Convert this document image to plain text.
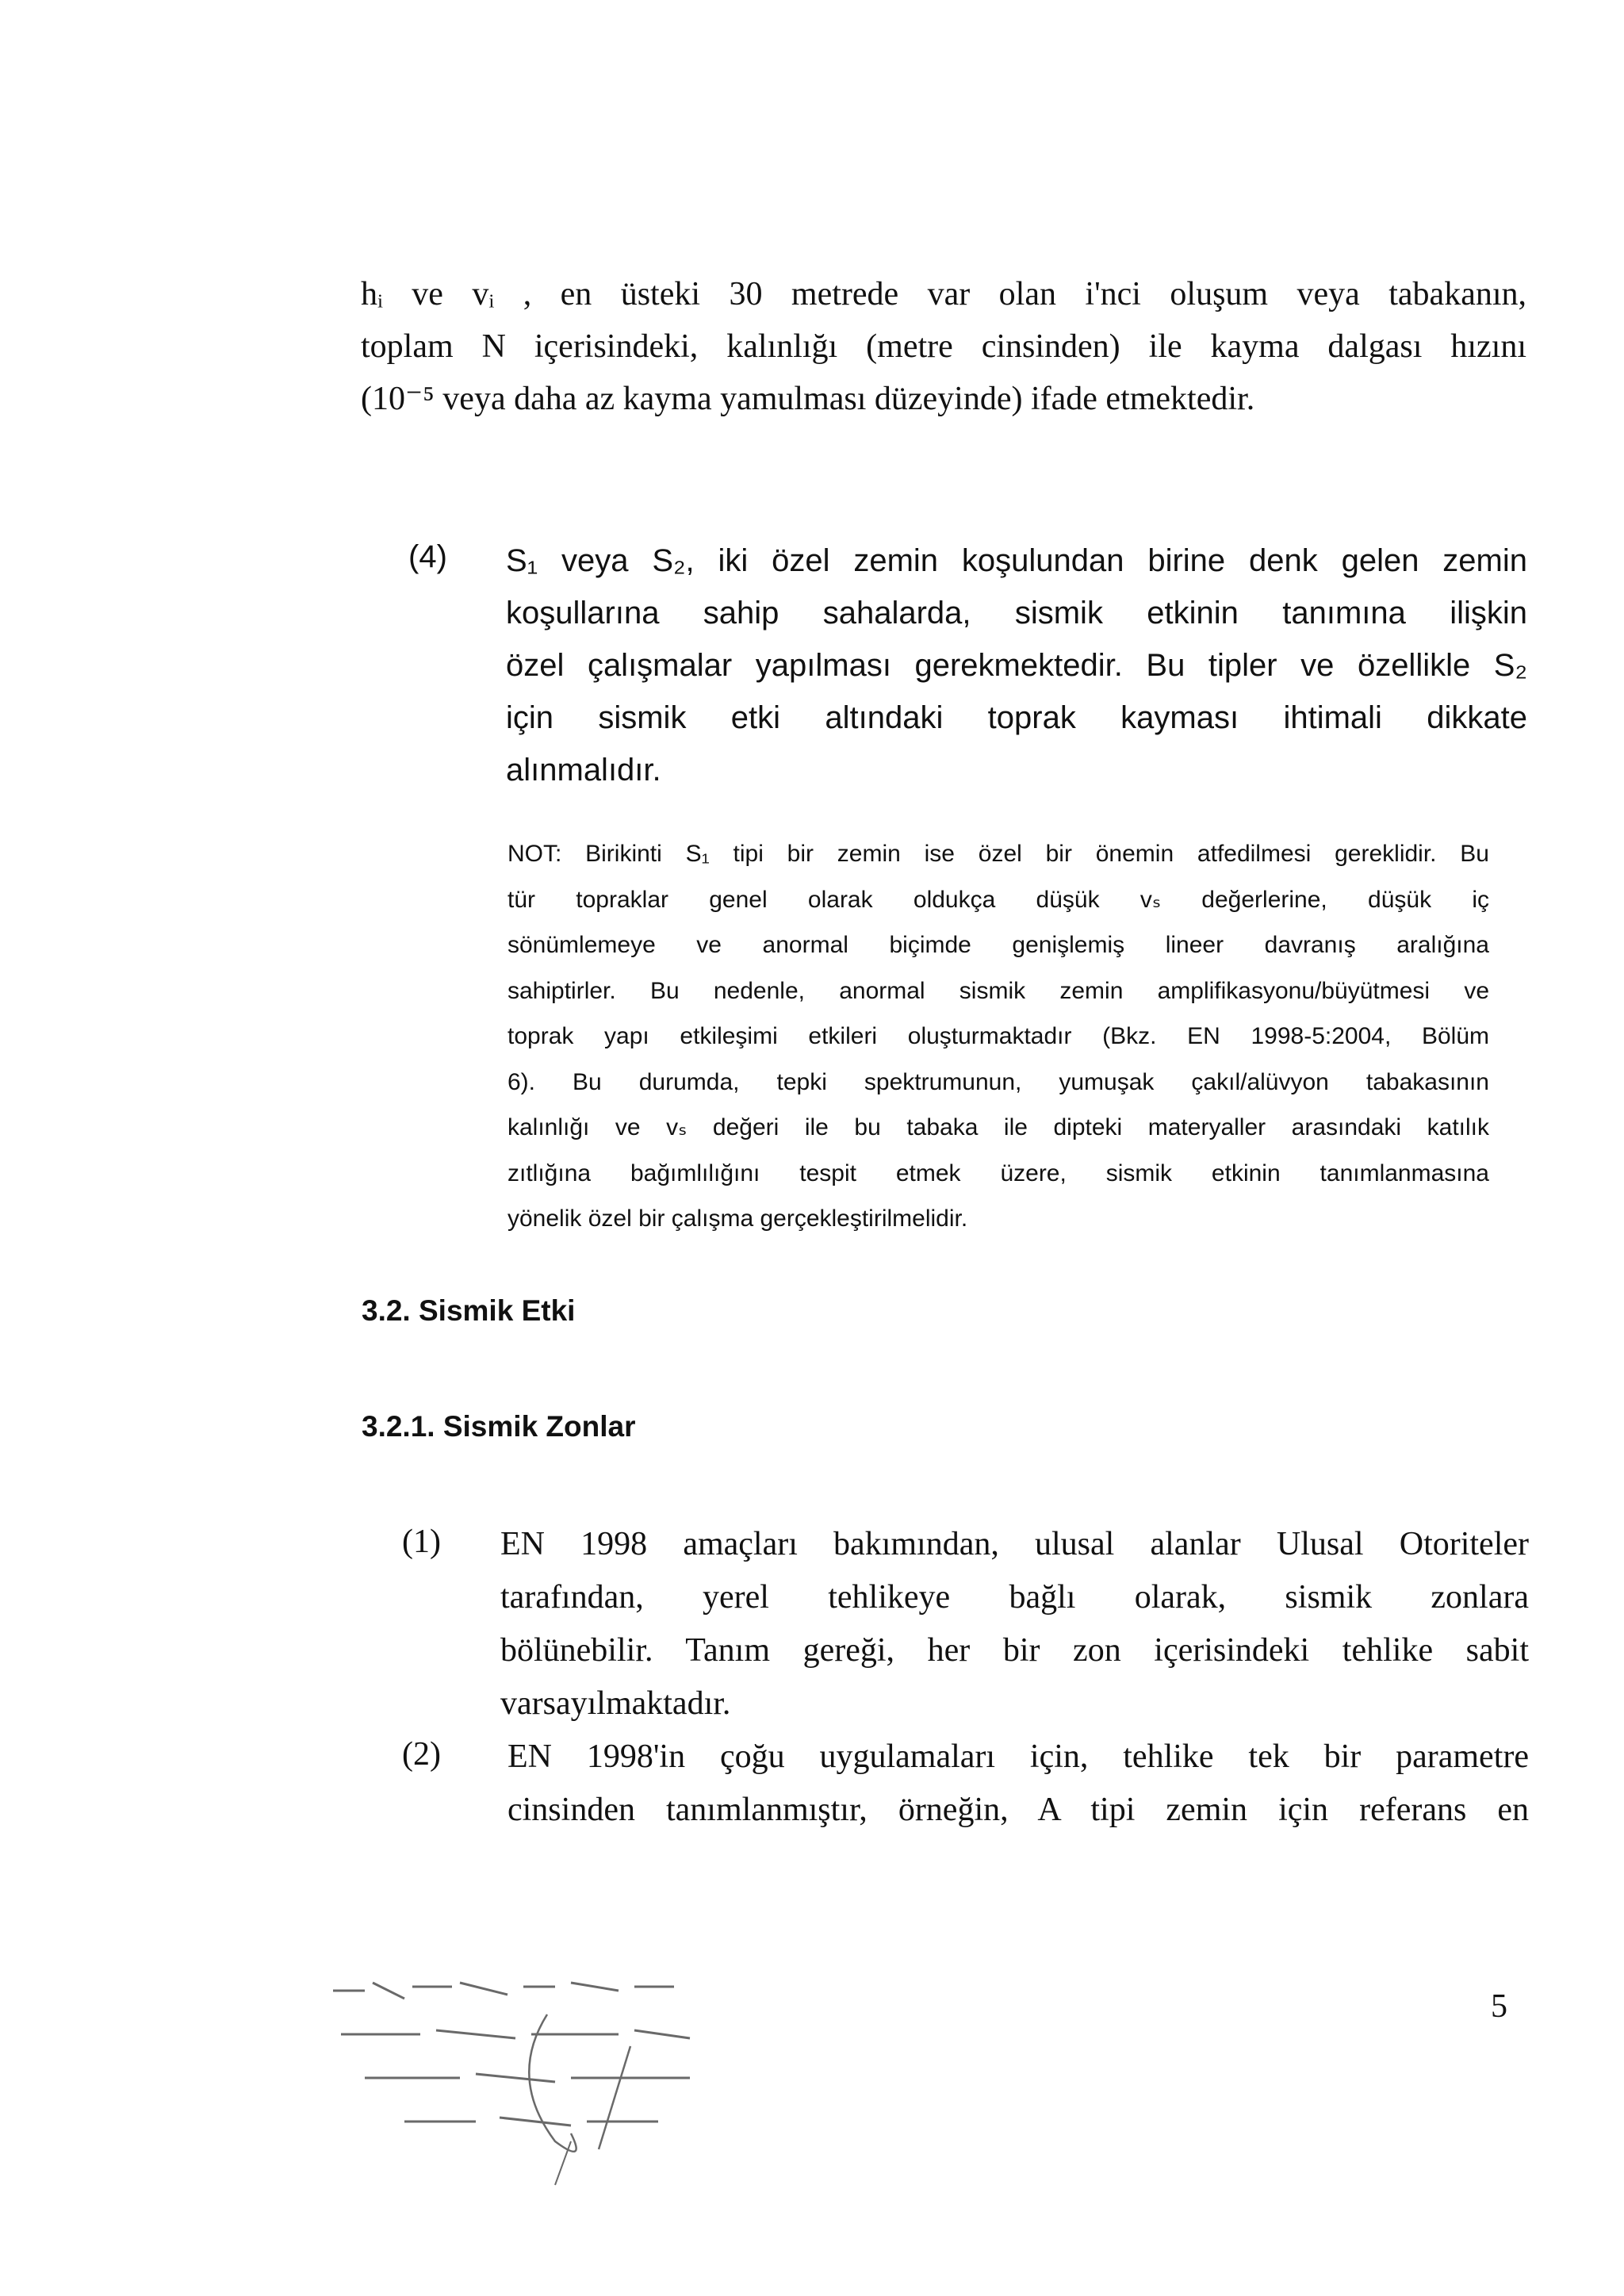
hᵢ ve vᵢ , en üsteki 30 metrede var olan i'nci oluşum veya tabakanın,
toplam N içerisindeki, kalınlığı (metre cinsinden) ile kayma dalgası hızını
(10⁻⁵ veya daha az kayma yamulması düzeyinde) ifade etmektedir.
(4) S₁ veya S₂, iki özel zemin koşulundan birine denk gelen zemin
koşullarına sahip sahalarda, sismik etkinin tanımına ilişkin
özel çalışmalar yapılması gerekmektedir. Bu tipler ve özellikle S₂
için sismik etki altındaki toprak kayması ihtimali dikkate
alınmalıdır.
NOT: Birikinti S₁ tipi bir zemin ise özel bir önemin atfedilmesi gereklidir. Bu
tür topraklar genel olarak oldukça düşük vₛ değerlerine, düşük iç
sönümlemeye ve anormal biçimde genişlemiş lineer davranış aralığına
sahiptirler. Bu nedenle, anormal sismik zemin amplifikasyonu/büyütmesi ve
toprak yapı etkileşimi etkileri oluşturmaktadır (Bkz. EN 1998-5:2004, Bölüm
6). Bu durumda, tepki spektrumunun, yumuşak çakıl/alüvyon tabakasının
kalınlığı ve vₛ değeri ile bu tabaka ile dipteki materyaller arasındaki katılık
zıtlığına bağımlılığını tespit etmek üzere, sismik etkinin tanımlanmasına
yönelik özel bir çalışma gerçekleştirilmelidir.
3.2. Sismik Etki
3.2.1. Sismik Zonlar
(1) EN 1998 amaçları bakımından, ulusal alanlar Ulusal Otoriteler
tarafından, yerel tehlikeye bağlı olarak, sismik zonlara
bölünebilir. Tanım gereği, her bir zon içerisindeki tehlike sabit
varsayılmaktadır.
(2) EN 1998'in çoğu uygulamaları için, tehlike tek bir parametre
cinsinden tanımlanmıştır, örneğin, A tipi zemin için referans en
5
